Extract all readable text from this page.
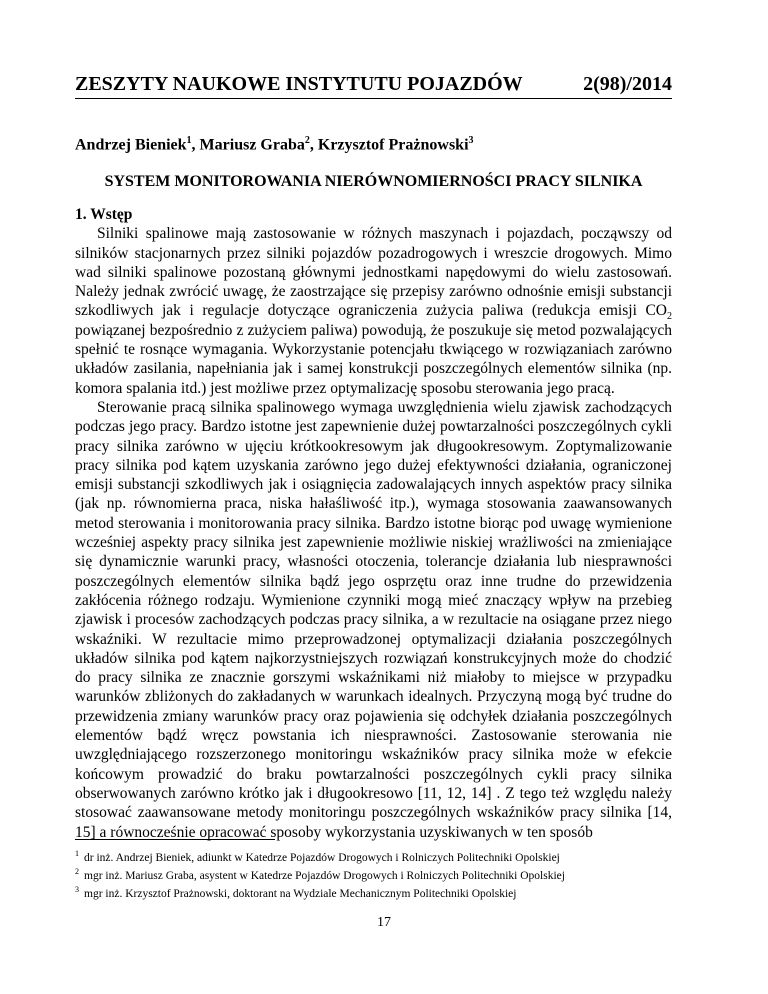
ZESZYTY NAUKOWE INSTYTUTU POJAZDÓW	2(98)/2014
Andrzej Bieniek$^1$, Mariusz Graba$^2$, Krzysztof Prażnowski$^3$
SYSTEM MONITOROWANIA NIERÓWNOMIERNOŚCI PRACY SILNIKA

1. Wstęp

Silniki spalinowe mają zastosowanie w różnych maszynach i pojazdach, począwszy od silników stacjonarnych przez silniki pojazdów pozadrogowych i wreszcie drogowych. Mimo wad silniki spalinowe pozostaną głównymi jednostkami napędowymi do wielu zastosowań. Należy jednak zwrócić uwagę, że zaostrzające się przepisy zarówno odnośnie emisji substancji szkodliwych jak i regulacje dotyczące ograniczenia zużycia paliwa (redukcja emisji $CO_2$ powiązanej bezpośrednio z zużyciem paliwa) powodują, że poszukuje się metod pozwalających spełnić te rosnące wymagania. Wykorzystanie potencjału tkwiącego w rozwiązaniach zarówno układów zasilania, napełniania jak i samej konstrukcji poszczególnych elementów silnika (np. komora spalania itd.) jest możliwe przez optymalizację sposobu sterowania jego pracą.

Sterowanie pracą silnika spalinowego wymaga uwzględnienia wielu zjawisk zachodzących podczas jego pracy. Bardzo istotne jest zapewnienie dużej powtarzalności poszczególnych cykli pracy silnika zarówno w ujęciu krótkookresowym jak długookresowym. Zoptymalizowanie pracy silnika pod kątem uzyskania zarówno jego dużej efektywności działania, ograniczonej emisji substancji szkodliwych jak i osiągnięcia zadowalających innych aspektów pracy silnika (jak np. równomierna praca, niska hałaśliwość itp.), wymaga stosowania zaawansowanych metod sterowania i monitorowania pracy silnika. Bardzo istotne biorąc pod uwagę wymienione wcześniej aspekty pracy silnika jest zapewnienie możliwie niskiej wrażliwości na zmieniające się dynamicznie warunki pracy, własności otoczenia, tolerancje działania lub niesprawności poszczególnych elementów silnika bądź jego osprzętu oraz inne trudne do przewidzenia zakłócenia różnego rodzaju. Wymienione czynniki mogą mieć znaczący wpływ na przebieg zjawisk i procesów zachodzących podczas pracy silnika, a w rezultacie na osiągane przez niego wskaźniki. W rezultacie mimo przeprowadzonej optymalizacji działania poszczególnych układów silnika pod kątem najkorzystniejszych rozwiązań konstrukcyjnych może do chodzić do pracy silnika ze znacznie gorszymi wskaźnikami niż miałoby to miejsce w przypadku warunków zbliżonych do zakładanych w warunkach idealnych. Przyczyną mogą być trudne do przewidzenia zmiany warunków pracy oraz pojawienia się odchyłek działania poszczególnych elementów bądź wręcz powstania ich niesprawności. Zastosowanie sterowania nie uwzględniającego rozszerzonego monitoringu wskaźników pracy silnika może w efekcie końcowym prowadzić do braku powtarzalności poszczególnych cykli pracy silnika obserwowanych zarówno krótko jak i długookresowo [11, 12, 14] . Z tego też względu należy stosować zaawansowane metody monitoringu poszczególnych wskaźników pracy silnika [14, 15] a równocześnie opracować sposoby wykorzystania uzyskiwanych w ten sposób

$^1$ dr inż. Andrzej Bieniek, adiunkt w Katedrze Pojazdów Drogowych i Rolniczych Politechniki Opolskiej
$^2$ mgr inż. Mariusz Graba, asystent w Katedrze Pojazdów Drogowych i Rolniczych Politechniki Opolskiej
$^3$ mgr inż. Krzysztof Prażnowski, doktorant na Wydziale Mechanicznym Politechniki Opolskiej
17
